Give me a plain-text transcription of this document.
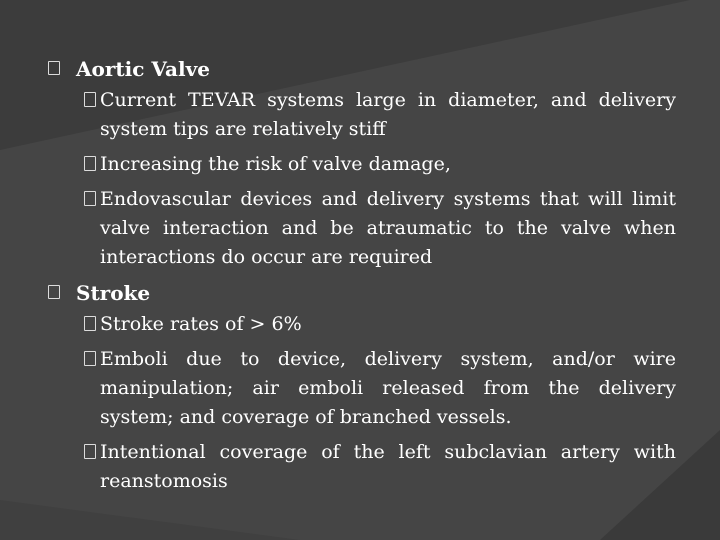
Aortic Valve
Current TEVAR systems large in diameter, and delivery system tips are relatively stiff
Increasing the risk of valve damage,
Endovascular devices and delivery systems that will limit valve interaction and be atraumatic to the valve when interactions do occur are required
Stroke
Stroke rates of > 6%
Emboli due to device, delivery system, and/or wire manipulation; air emboli released from the delivery system; and coverage of branched vessels.
Intentional coverage of the left subclavian artery with reanstomosis
